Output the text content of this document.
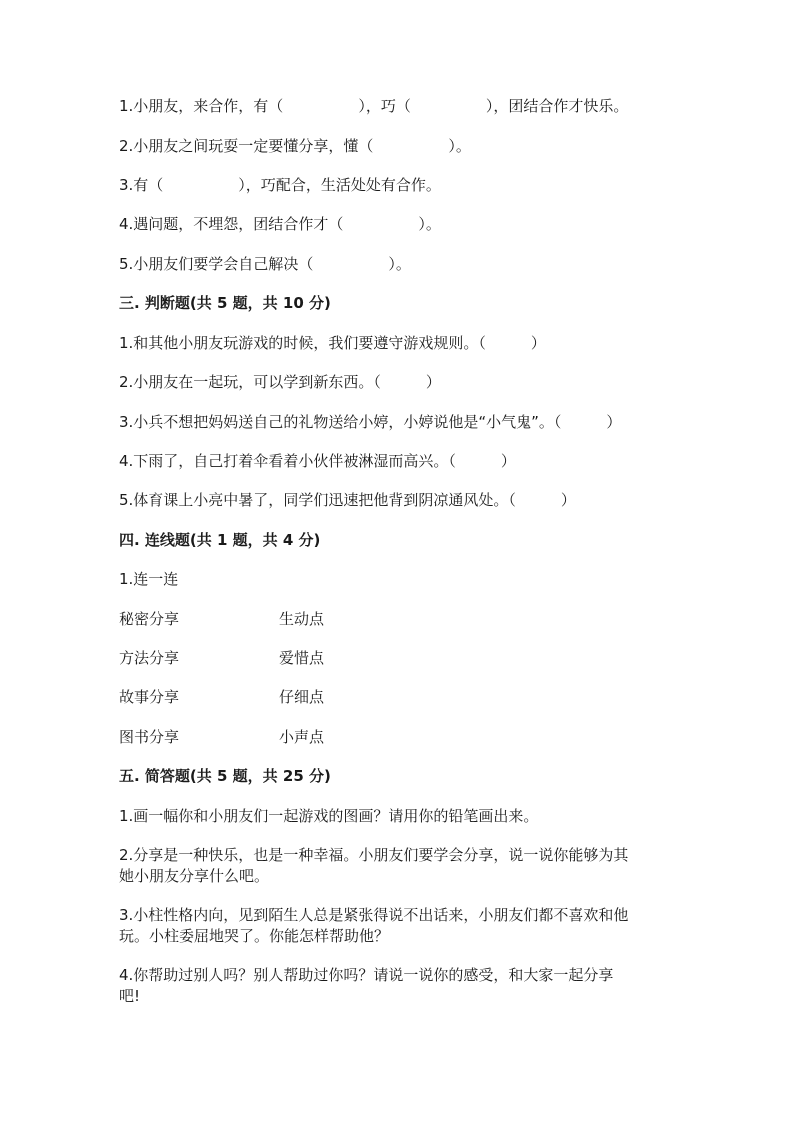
1.小朋友，来合作，有（　　　　　），巧（　　　　　），团结合作才快乐。
2.小朋友之间玩耍一定要懂分享，懂（　　　　　）。
3.有（　　　　　），巧配合，生活处处有合作。
4.遇问题，不埋怨，团结合作才（　　　　　）。
5.小朋友们要学会自己解决（　　　　　）。
三. 判断题(共 5 题，共 10 分)
1.和其他小朋友玩游戏的时候，我们要遵守游戏规则。（　　　）
2.小朋友在一起玩，可以学到新东西。（　　　）
3.小兵不想把妈妈送自己的礼物送给小婷，小婷说他是“小气鬼”。（　　　）
4.下雨了，自己打着伞看着小伙伴被淋湿而高兴。（　　　）
5.体育课上小亮中暑了，同学们迅速把他背到阴凉通风处。（　　　）
四. 连线题(共 1 题，共 4 分)
1.连一连
秘密分享	生动点
方法分享	爱惜点
故事分享	仔细点
图书分享	小声点
五. 简答题(共 5 题，共 25 分)
1.画一幅你和小朋友们一起游戏的图画？请用你的铅笔画出来。
2.分享是一种快乐，也是一种幸福。小朋友们要学会分享，说一说你能够为其
她小朋友分享什么吧。
3.小柱性格内向，见到陌生人总是紧张得说不出话来，小朋友们都不喜欢和他
玩。小柱委屈地哭了。你能怎样帮助他？
4.你帮助过别人吗？别人帮助过你吗？请说一说你的感受，和大家一起分享
吧!
